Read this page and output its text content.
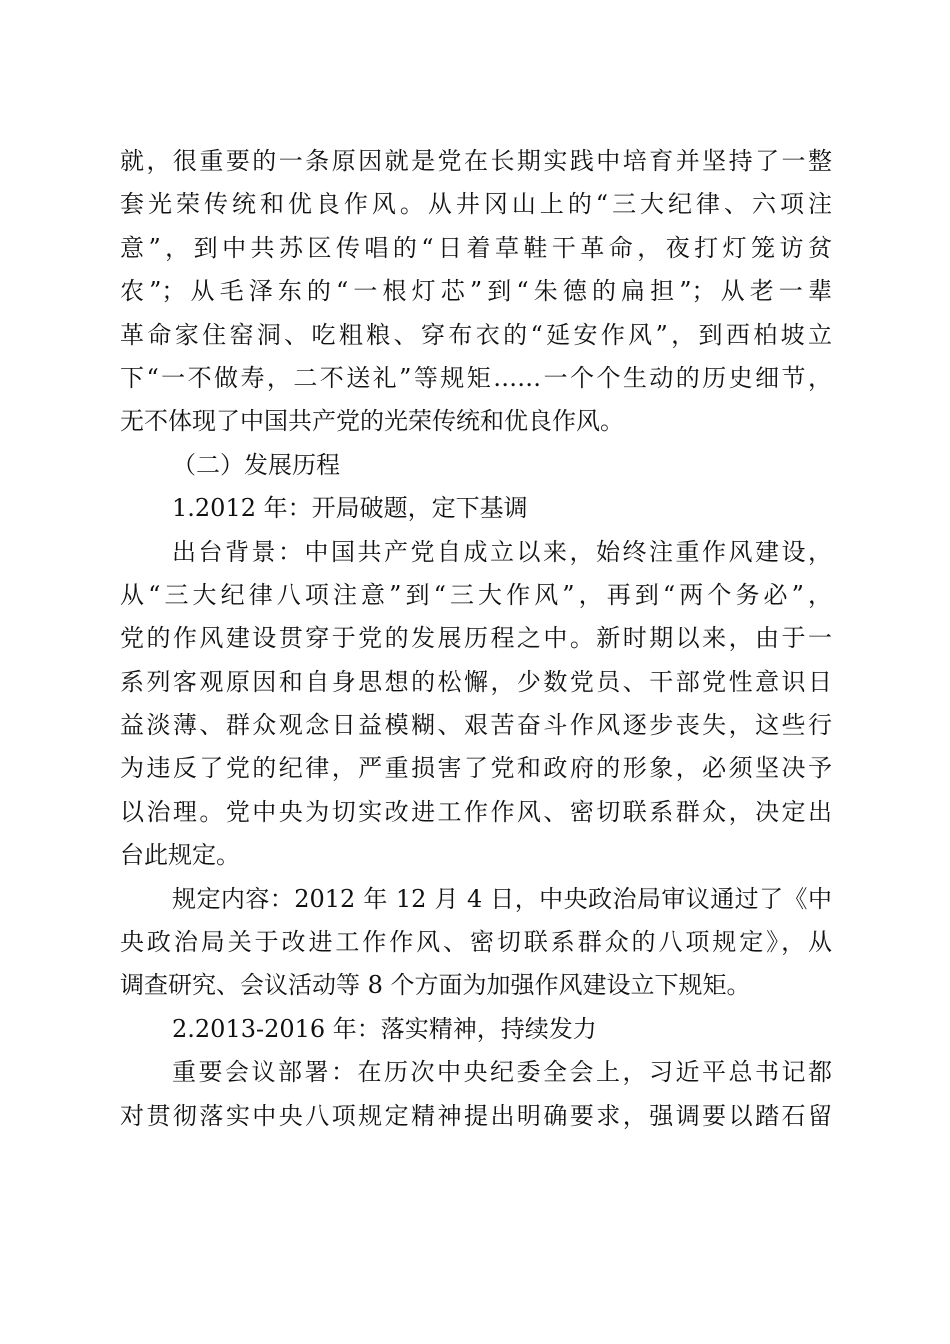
就，很重要的一条原因就是党在长期实践中培育并坚持了一整
套光荣传统和优良作风。从井冈山上的“三大纪律、六项注
意”，到中共苏区传唱的“日着草鞋干革命，夜打灯笼访贫
农”；从毛泽东的“一根灯芯”到“朱德的扁担”；从老一辈
革命家住窑洞、吃粗粮、穿布衣的“延安作风”，到西柏坡立
下“一不做寿，二不送礼”等规矩……一个个生动的历史细节，
无不体现了中国共产党的光荣传统和优良作风。
（二）发展历程
1.2012 年：开局破题，定下基调
出台背景：中国共产党自成立以来，始终注重作风建设，
从“三大纪律八项注意”到“三大作风”，再到“两个务必”，
党的作风建设贯穿于党的发展历程之中。新时期以来，由于一
系列客观原因和自身思想的松懈，少数党员、干部党性意识日
益淡薄、群众观念日益模糊、艰苦奋斗作风逐步丧失，这些行
为违反了党的纪律，严重损害了党和政府的形象，必须坚决予
以治理。党中央为切实改进工作作风、密切联系群众，决定出
台此规定。
规定内容：2012 年 12 月 4 日，中央政治局审议通过了《中
央政治局关于改进工作作风、密切联系群众的八项规定》，从
调查研究、会议活动等 8 个方面为加强作风建设立下规矩。
2.2013-2016 年：落实精神，持续发力
重要会议部署：在历次中央纪委全会上，习近平总书记都
对贯彻落实中央八项规定精神提出明确要求，强调要以踏石留
